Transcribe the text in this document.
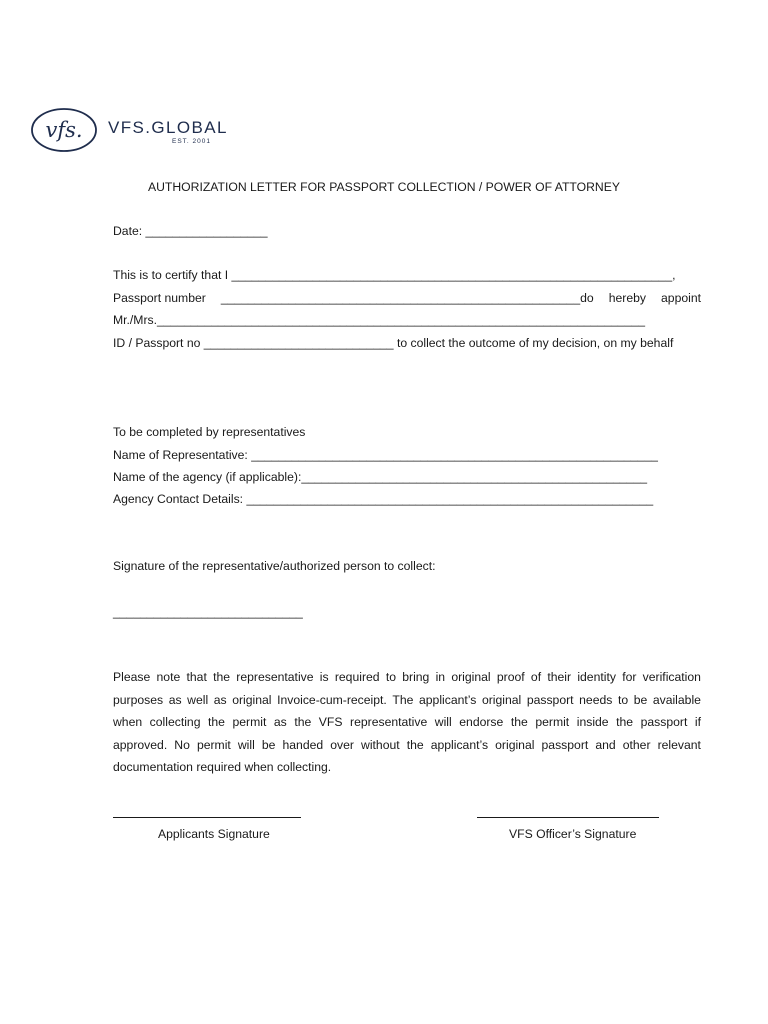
vfs. VFS.GLOBAL
EST. 2001
AUTHORIZATION LETTER FOR PASSPORT COLLECTION / POWER OF ATTORNEY
Date: __________________
This is to certify that I _________________________________________________________________,
Passport number _____________________________________________________do hereby appoint
Mr./Mrs.________________________________________________________________________
ID / Passport no ____________________________ to collect the outcome of my decision, on my behalf
To be completed by representatives
Name of Representative: ____________________________________________________________
Name of the agency (if applicable):___________________________________________________
Agency Contact Details: ____________________________________________________________
Signature of the representative/authorized person to collect:
____________________________
Please note that the representative is required to bring in original proof of their identity for verification
purposes as well as original Invoice-cum-receipt. The applicant’s original passport needs to be available
when collecting the permit as the VFS representative will endorse the permit inside the passport if
approved. No permit will be handed over without the applicant’s original passport and other relevant
documentation required when collecting.
Applicants Signature	VFS Officer’s Signature
